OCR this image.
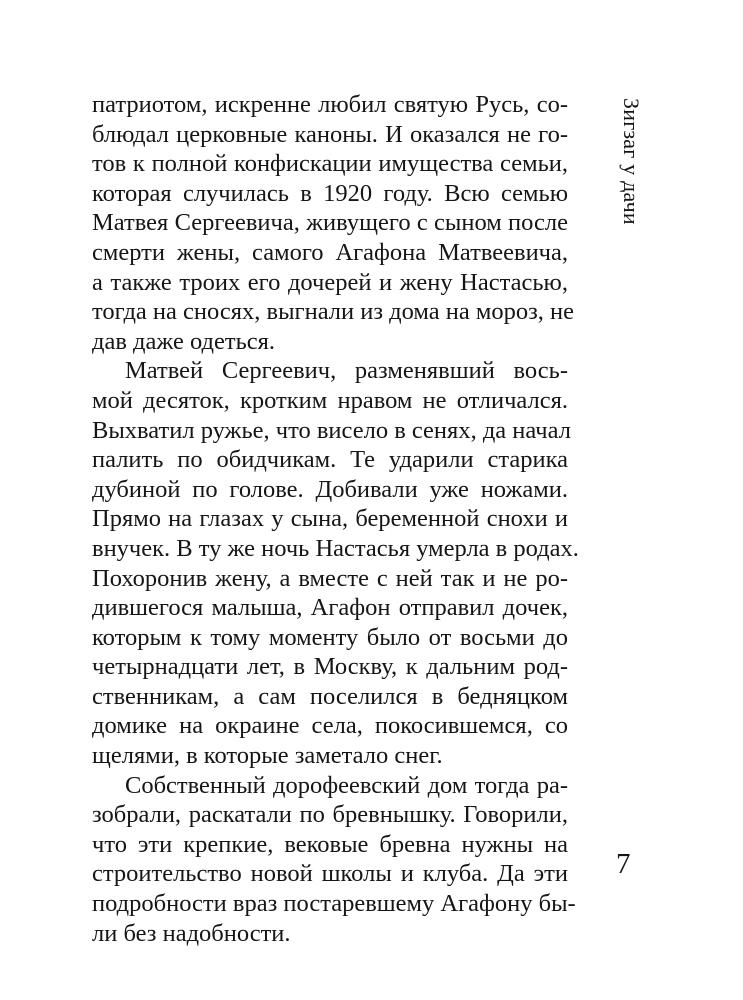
Зигзаг у дачи
патриотом, искренне любил святую Русь, со-
блюдал церковные каноны. И оказался не го-
тов к полной конфискации имущества семьи,
которая случилась в 1920 году. Всю семью
Матвея Сергеевича, живущего с сыном после
смерти жены, самого Агафона Матвеевича,
а также троих его дочерей и жену Настасью,
тогда на сносях, выгнали из дома на мороз, не
дав даже одеться.
Матвей Сергеевич, разменявший вось-
мой десяток, кротким нравом не отличался.
Выхватил ружье, что висело в сенях, да начал
палить по обидчикам. Те ударили старика
дубиной по голове. Добивали уже ножами.
Прямо на глазах у сына, беременной снохи и
внучек. В ту же ночь Настасья умерла в родах.
Похоронив жену, а вместе с ней так и не ро-
дившегося малыша, Агафон отправил дочек,
которым к тому моменту было от восьми до
четырнадцати лет, в Москву, к дальним род-
ственникам, а сам поселился в бедняцком
домике на окраине села, покосившемся, со
щелями, в которые заметало снег.
Собственный дорофеевский дом тогда ра-
зобрали, раскатали по бревнышку. Говорили,
что эти крепкие, вековые бревна нужны на
строительство новой школы и клуба. Да эти
подробности враз постаревшему Агафону бы-
ли без надобности.
7
